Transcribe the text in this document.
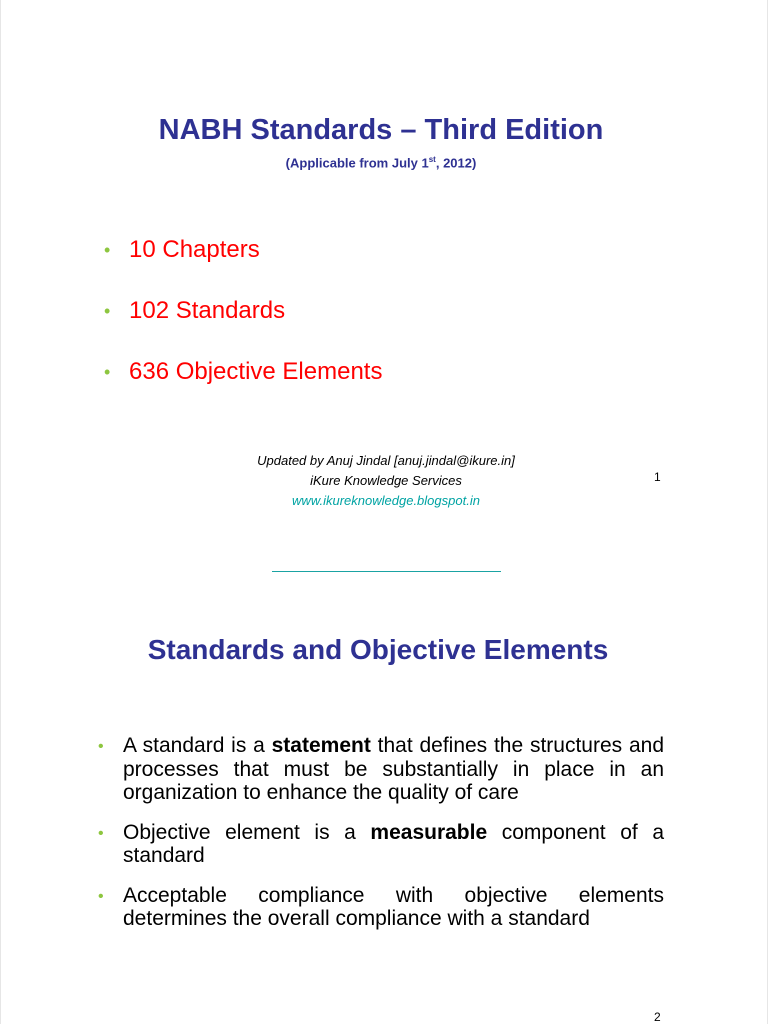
NABH Standards – Third Edition
(Applicable from July 1st, 2012)
• 10 Chapters
• 102 Standards
• 636 Objective Elements
Updated by Anuj Jindal [anuj.jindal@ikure.in]
iKure Knowledge Services
www.ikureknowledge.blogspot.in
1
Standards and Objective Elements
• A standard is a statement that defines the structures and processes that must be substantially in place in an organization to enhance the quality of care
• Objective element is a measurable component of a standard
• Acceptable compliance with objective elements determines the overall compliance with a standard
2
